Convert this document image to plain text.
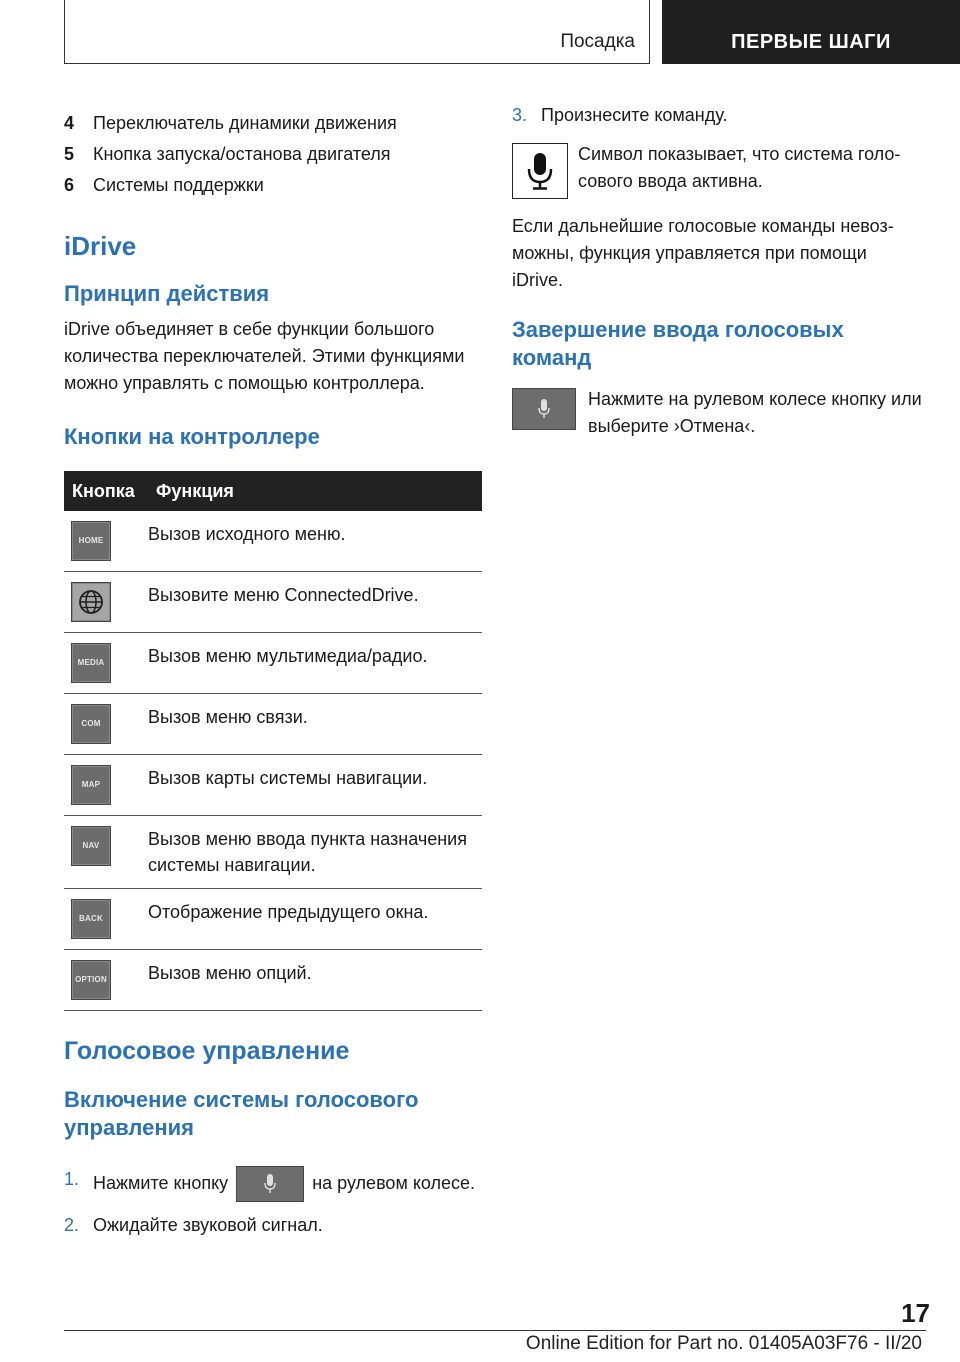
Посадка	ПЕРВЫЕ ШАГИ
4	Переключатель динамики движения
5	Кнопка запуска/останова двигателя
6	Системы поддержки
iDrive
Принцип действия
iDrive объединяет в себе функции большого количества переключателей. Этими функциями можно управлять с помощью контроллера.
Кнопки на контроллере
Кнопка	Функция

HOME	Вызов исходного меню.

	Вызовите меню ConnectedDrive.

MEDIA	Вызов меню мультимедиа/радио.

COM	Вызов меню связи.

MAP	Вызов карты системы навигации.

NAV	Вызов меню ввода пункта назначения системы навигации.

BACK	Отображение предыдущего окна.

OPTION	Вызов меню опций.
Голосовое управление
Включение системы голосового управления
1. Нажмите кнопку	на рулевом колесе.
2. Ожидайте звуковой сигнал.
3. Произнесите команду.
Символ показывает, что система голосового ввода активна.
Если дальнейшие голосовые команды невозможны, функция управляется при помощи iDrive.
Завершение ввода голосовых команд
Нажмите на рулевом колесе кнопку или выберите ›Отмена‹.
17
Online Edition for Part no. 01405A03F76 - II/20
